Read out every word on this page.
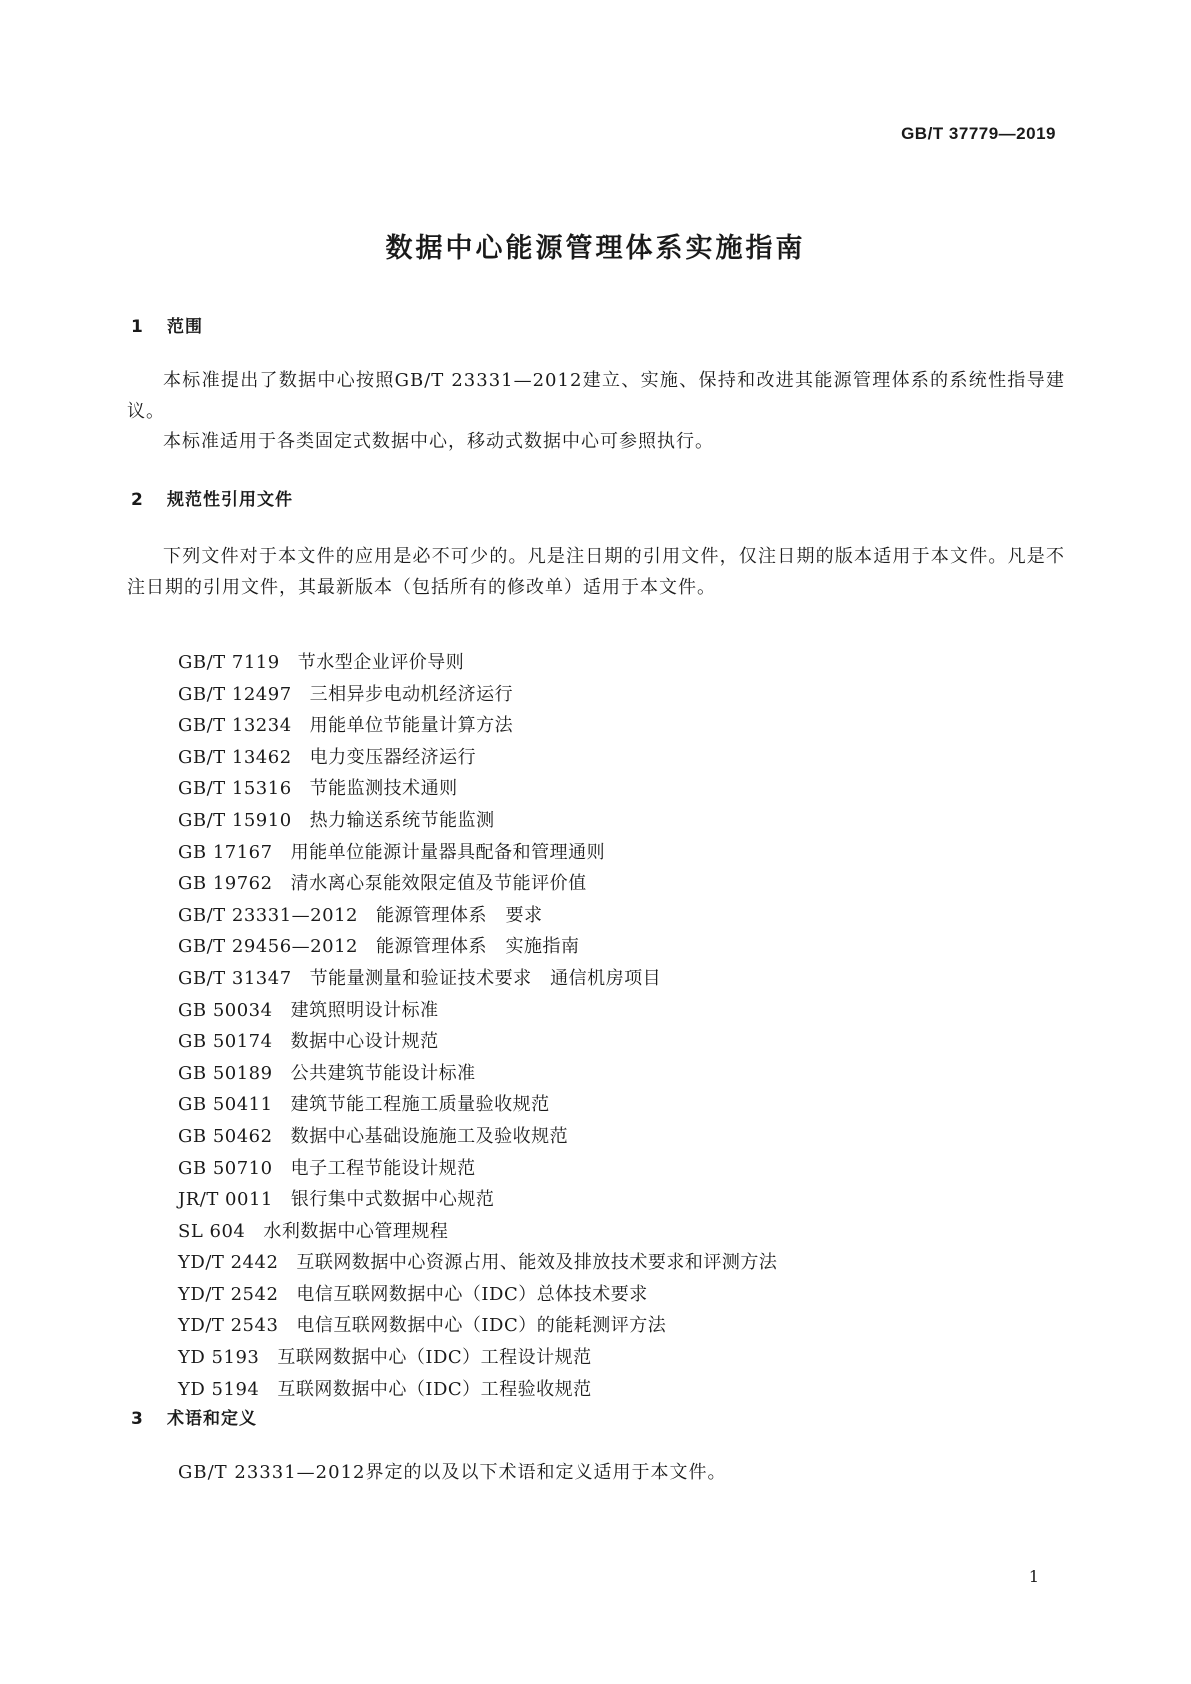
GB/T 37779—2019
数据中心能源管理体系实施指南
1 范围
本标准提出了数据中心按照GB/T 23331—2012建立、实施、保持和改进其能源管理体系的系统性指导建议。
本标准适用于各类固定式数据中心，移动式数据中心可参照执行。
2 规范性引用文件
下列文件对于本文件的应用是必不可少的。凡是注日期的引用文件，仅注日期的版本适用于本文件。凡是不注日期的引用文件，其最新版本（包括所有的修改单）适用于本文件。
GB/T 7119 节水型企业评价导则
GB/T 12497 三相异步电动机经济运行
GB/T 13234 用能单位节能量计算方法
GB/T 13462 电力变压器经济运行
GB/T 15316 节能监测技术通则
GB/T 15910 热力输送系统节能监测
GB 17167 用能单位能源计量器具配备和管理通则
GB 19762 清水离心泵能效限定值及节能评价值
GB/T 23331—2012 能源管理体系　要求
GB/T 29456—2012 能源管理体系　实施指南
GB/T 31347 节能量测量和验证技术要求　通信机房项目
GB 50034 建筑照明设计标准
GB 50174 数据中心设计规范
GB 50189 公共建筑节能设计标准
GB 50411 建筑节能工程施工质量验收规范
GB 50462 数据中心基础设施施工及验收规范
GB 50710 电子工程节能设计规范
JR/T 0011 银行集中式数据中心规范
SL 604 水利数据中心管理规程
YD/T 2442 互联网数据中心资源占用、能效及排放技术要求和评测方法
YD/T 2542 电信互联网数据中心（IDC）总体技术要求
YD/T 2543 电信互联网数据中心（IDC）的能耗测评方法
YD 5193 互联网数据中心（IDC）工程设计规范
YD 5194 互联网数据中心（IDC）工程验收规范
3 术语和定义
GB/T 23331—2012界定的以及以下术语和定义适用于本文件。
1
